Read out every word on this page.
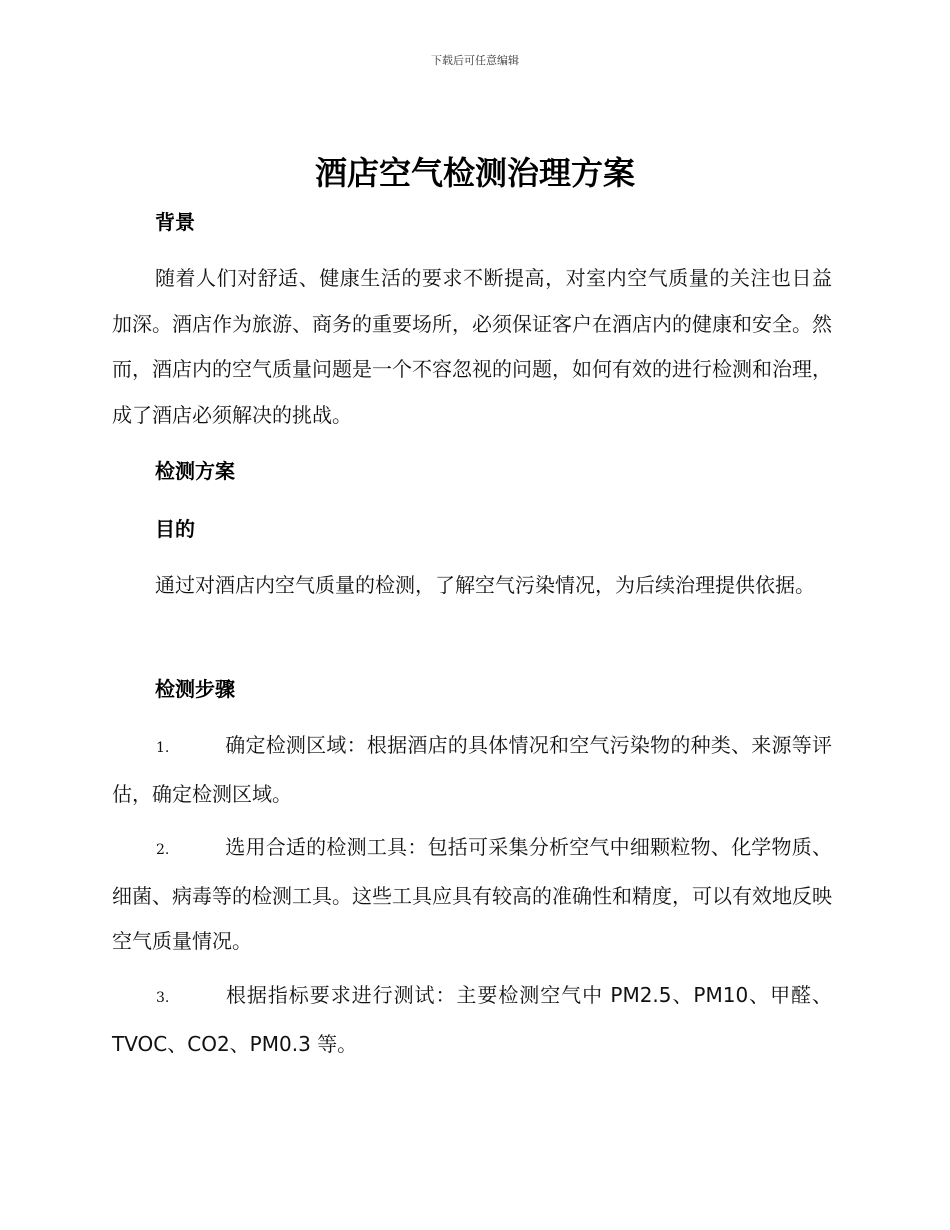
下载后可任意编辑
酒店空气检测治理方案
背景
随着人们对舒适、健康生活的要求不断提高，对室内空气质量的关注也日益加深。酒店作为旅游、商务的重要场所，必须保证客户在酒店内的健康和安全。然而，酒店内的空气质量问题是一个不容忽视的问题，如何有效的进行检测和治理，成了酒店必须解决的挑战。
检测方案
目的
通过对酒店内空气质量的检测，了解空气污染情况，为后续治理提供依据。
检测步骤
1.	确定检测区域：根据酒店的具体情况和空气污染物的种类、来源等评估，确定检测区域。
2.	选用合适的检测工具：包括可采集分析空气中细颗粒物、化学物质、细菌、病毒等的检测工具。这些工具应具有较高的准确性和精度，可以有效地反映空气质量情况。
3.	根据指标要求进行测试：主要检测空气中 PM2.5、PM10、甲醛、TVOC、CO2、PM0.3 等。
